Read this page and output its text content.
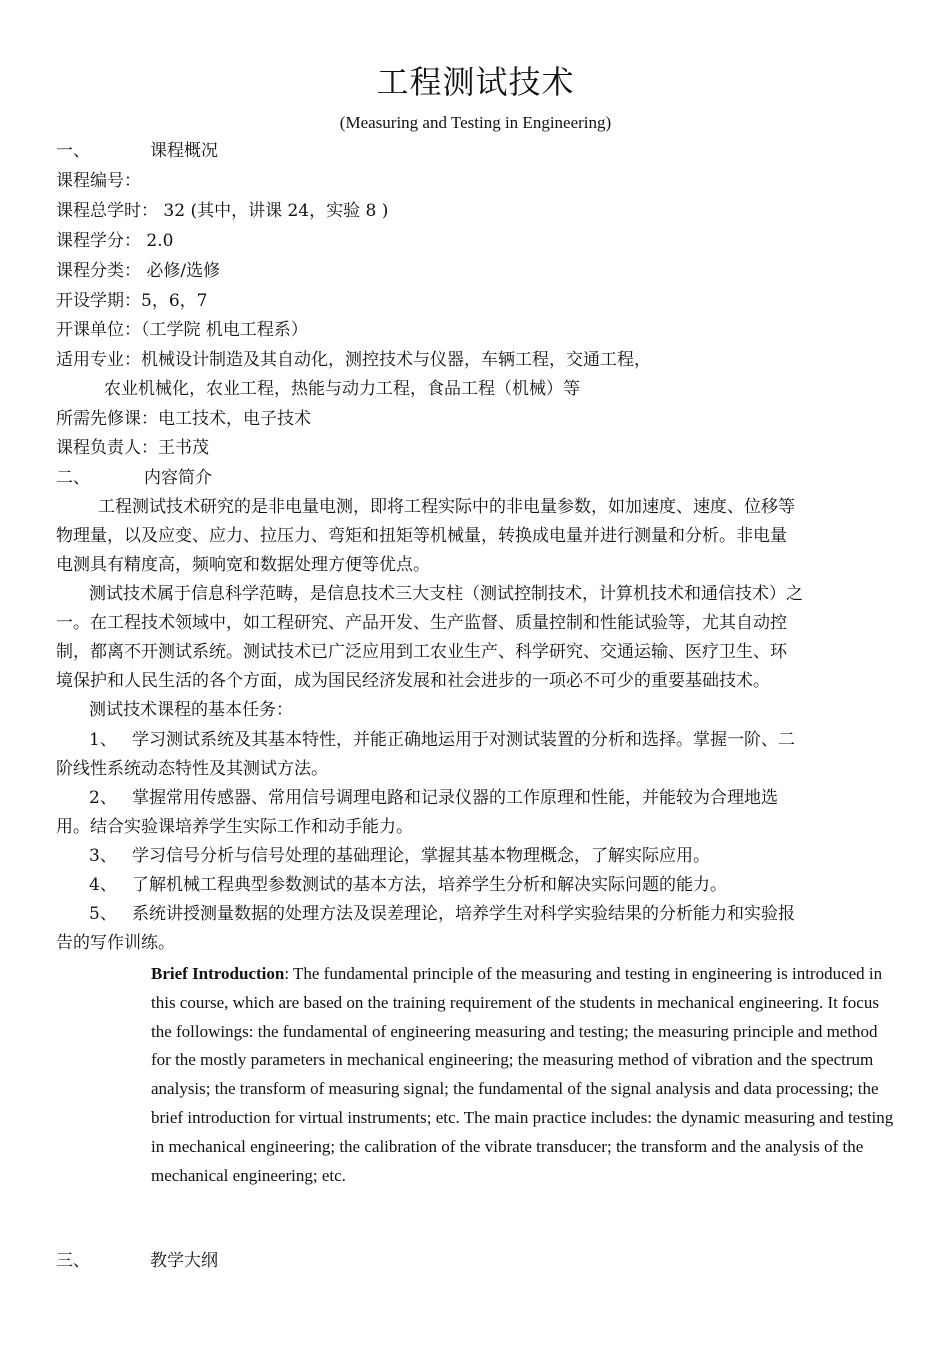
工程测试技术
(Measuring and Testing in Engineering)
一、	课程概况
课程编号：
课程总学时： 32 (其中，讲课 24，实验 8 )
课程学分： 2.0
课程分类： 必修/选修
开设学期：5，6，7
开课单位：（工学院 机电工程系）
适用专业：机械设计制造及其自动化，测控技术与仪器，车辆工程，交通工程，
农业机械化，农业工程，热能与动力工程，食品工程（机械）等
所需先修课：电工技术，电子技术
课程负责人：王书茂
二、	内容简介
工程测试技术研究的是非电量电测，即将工程实际中的非电量参数，如加速度、速度、位移等
物理量，以及应变、应力、拉压力、弯矩和扭矩等机械量，转换成电量并进行测量和分析。非电量
电测具有精度高，频响宽和数据处理方便等优点。
测试技术属于信息科学范畴，是信息技术三大支柱（测试控制技术，计算机技术和通信技术）之
一。在工程技术领域中，如工程研究、产品开发、生产监督、质量控制和性能试验等，尤其自动控
制，都离不开测试系统。测试技术已广泛应用到工农业生产、科学研究、交通运输、医疗卫生、环
境保护和人民生活的各个方面，成为国民经济发展和社会进步的一项必不可少的重要基础技术。
测试技术课程的基本任务：
1、 学习测试系统及其基本特性，并能正确地运用于对测试装置的分析和选择。掌握一阶、二
阶线性系统动态特性及其测试方法。
2、 掌握常用传感器、常用信号调理电路和记录仪器的工作原理和性能，并能较为合理地选
用。结合实验课培养学生实际工作和动手能力。
3、 学习信号分析与信号处理的基础理论，掌握其基本物理概念，了解实际应用。
4、 了解机械工程典型参数测试的基本方法，培养学生分析和解决实际问题的能力。
5、 系统讲授测量数据的处理方法及误差理论，培养学生对科学实验结果的分析能力和实验报
告的写作训练。
Brief Introduction: The fundamental principle of the measuring and testing in engineering is introduced in this course, which are based on the training requirement of the students in mechanical engineering. It focus the followings: the fundamental of engineering measuring and testing; the measuring principle and method for the mostly parameters in mechanical engineering; the measuring method of vibration and the spectrum analysis; the transform of measuring signal; the fundamental of the signal analysis and data processing; the brief introduction for virtual instruments; etc. The main practice includes: the dynamic measuring and testing in mechanical engineering; the calibration of the vibrate transducer; the transform and the analysis of the mechanical engineering; etc.
三、	教学大纲
